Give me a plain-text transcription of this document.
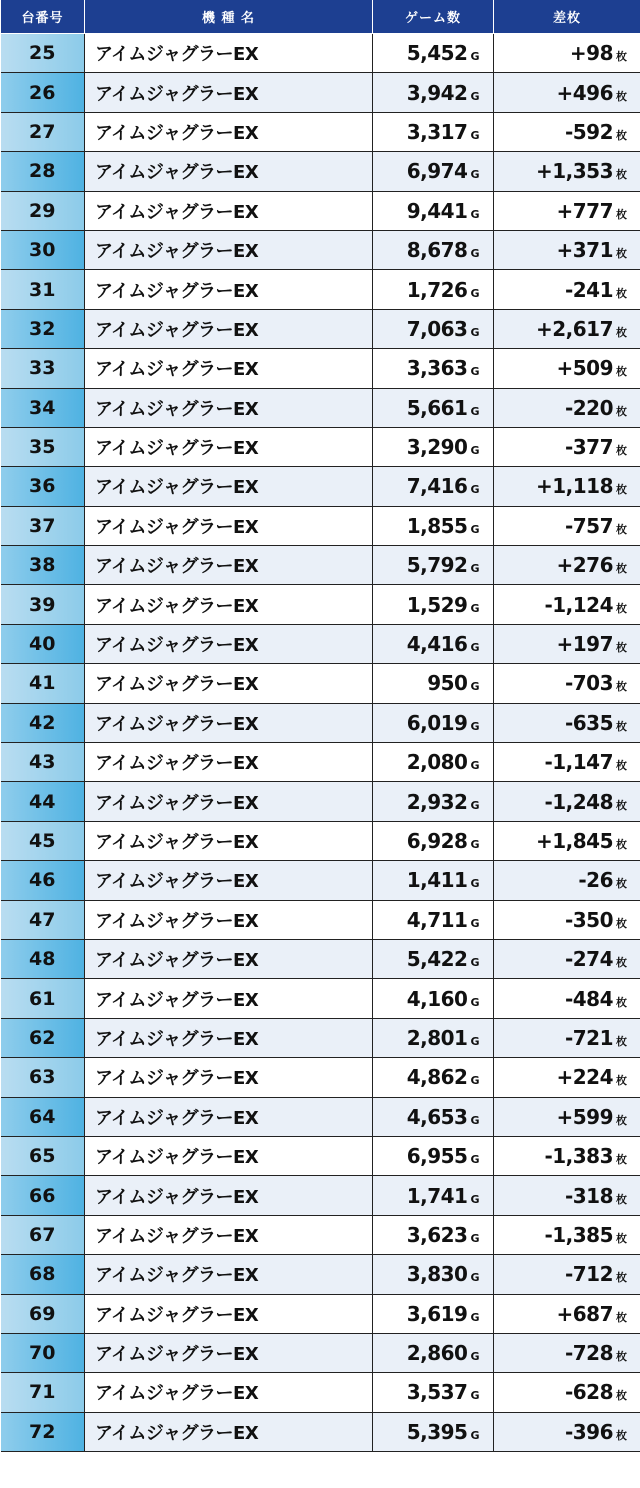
台番号	機 種 名	ゲーム数	差枚
25	アイムジャグラーEX	5,452 G	+98 枚
26	アイムジャグラーEX	3,942 G	+496 枚
27	アイムジャグラーEX	3,317 G	-592 枚
28	アイムジャグラーEX	6,974 G	+1,353 枚
29	アイムジャグラーEX	9,441 G	+777 枚
30	アイムジャグラーEX	8,678 G	+371 枚
31	アイムジャグラーEX	1,726 G	-241 枚
32	アイムジャグラーEX	7,063 G	+2,617 枚
33	アイムジャグラーEX	3,363 G	+509 枚
34	アイムジャグラーEX	5,661 G	-220 枚
35	アイムジャグラーEX	3,290 G	-377 枚
36	アイムジャグラーEX	7,416 G	+1,118 枚
37	アイムジャグラーEX	1,855 G	-757 枚
38	アイムジャグラーEX	5,792 G	+276 枚
39	アイムジャグラーEX	1,529 G	-1,124 枚
40	アイムジャグラーEX	4,416 G	+197 枚
41	アイムジャグラーEX	950 G	-703 枚
42	アイムジャグラーEX	6,019 G	-635 枚
43	アイムジャグラーEX	2,080 G	-1,147 枚
44	アイムジャグラーEX	2,932 G	-1,248 枚
45	アイムジャグラーEX	6,928 G	+1,845 枚
46	アイムジャグラーEX	1,411 G	-26 枚
47	アイムジャグラーEX	4,711 G	-350 枚
48	アイムジャグラーEX	5,422 G	-274 枚
61	アイムジャグラーEX	4,160 G	-484 枚
62	アイムジャグラーEX	2,801 G	-721 枚
63	アイムジャグラーEX	4,862 G	+224 枚
64	アイムジャグラーEX	4,653 G	+599 枚
65	アイムジャグラーEX	6,955 G	-1,383 枚
66	アイムジャグラーEX	1,741 G	-318 枚
67	アイムジャグラーEX	3,623 G	-1,385 枚
68	アイムジャグラーEX	3,830 G	-712 枚
69	アイムジャグラーEX	3,619 G	+687 枚
70	アイムジャグラーEX	2,860 G	-728 枚
71	アイムジャグラーEX	3,537 G	-628 枚
72	アイムジャグラーEX	5,395 G	-396 枚
